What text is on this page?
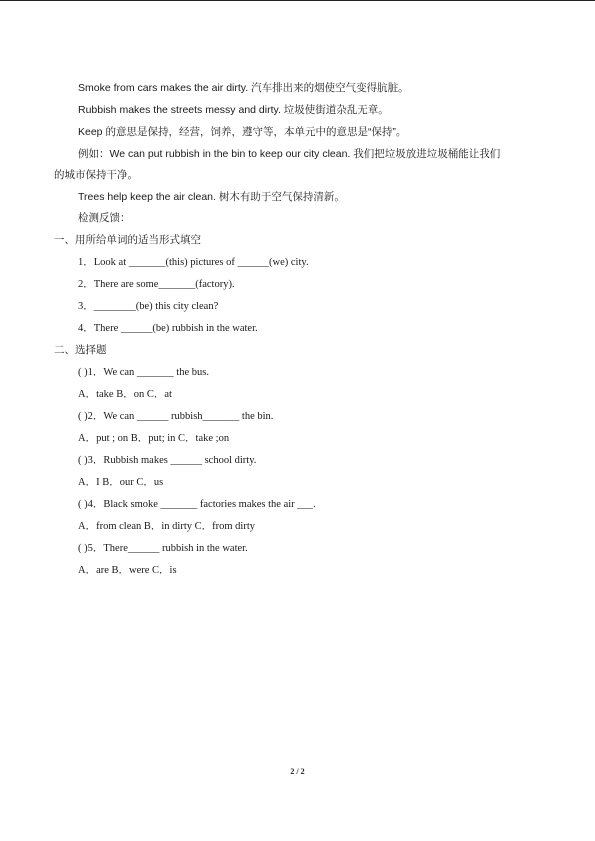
Smoke from cars makes the air dirty. 汽车排出来的烟使空气变得肮脏。
Rubbish makes the streets messy and dirty. 垃圾使街道杂乱无章。
Keep 的意思是保持，经营，饲养，遵守等，本单元中的意思是“保持”。
例如：We can put rubbish in the bin to keep our city clean. 我们把垃圾放进垃圾桶能让我们
的城市保持干净。
Trees help keep the air clean. 树木有助于空气保持清新。
检测反馈：
一、用所给单词的适当形式填空
1．Look at _______(this) pictures of ______(we) city.
2．There are some_______(factory).
3．________(be) this city clean?
4．There ______(be) rubbish in the water.
二、选择题
( )1．We can _______ the bus.
A．take B．on C．at
( )2．We can ______ rubbish_______ the bin.
A．put ; on B．put; in C．take ;on
( )3．Rubbish makes ______ school dirty.
A．I B．our C．us
( )4．Black smoke _______ factories makes the air ___.
A．from clean B．in dirty C．from dirty
( )5．There______ rubbish in the water.
A．are B．were C．is
2 / 2
